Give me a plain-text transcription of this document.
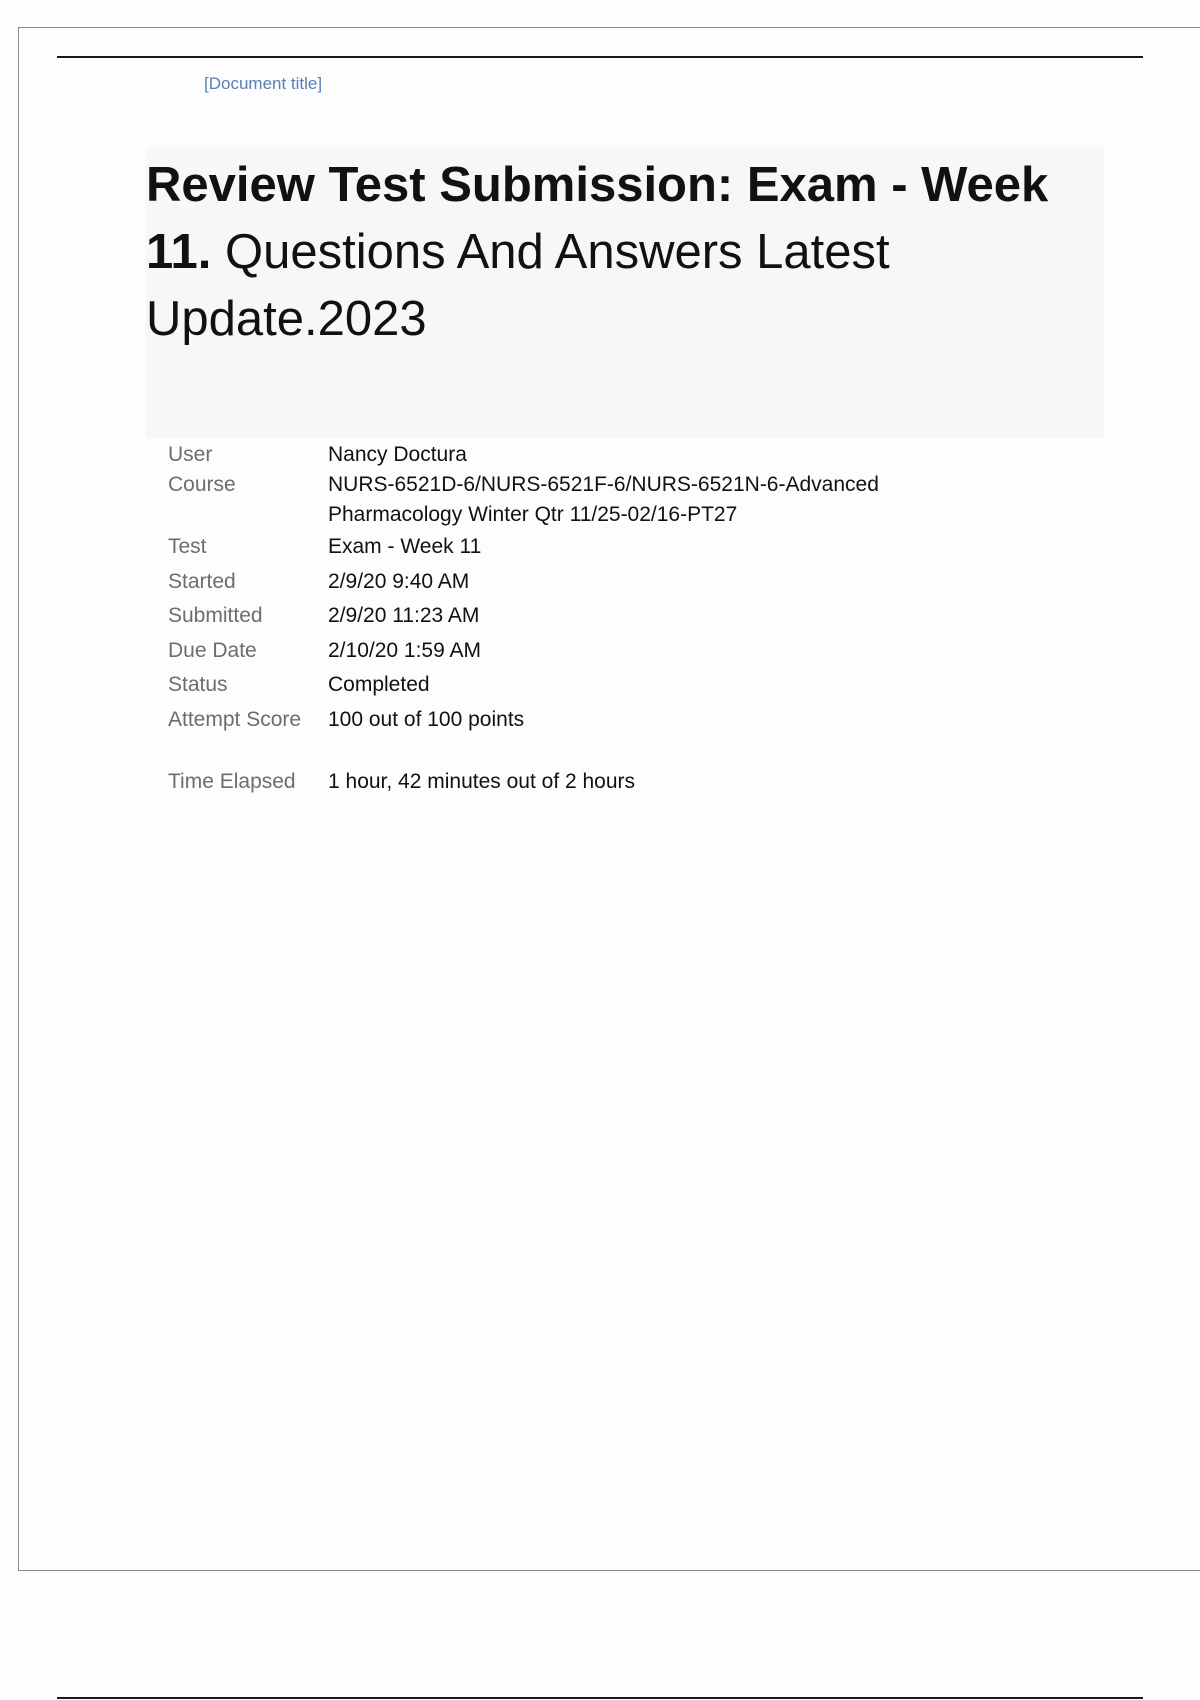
[Document title]
Review Test Submission: Exam - Week 11. Questions And Answers Latest Update.2023
User	Nancy Doctura
Course	NURS-6521D-6/NURS-6521F-6/NURS-6521N-6-Advanced Pharmacology Winter Qtr 11/25-02/16-PT27
Test	Exam - Week 11
Started	2/9/20 9:40 AM
Submitted	2/9/20 11:23 AM
Due Date	2/10/20 1:59 AM
Status	Completed
Attempt Score	100 out of 100 points
Time Elapsed	1 hour, 42 minutes out of 2 hours
